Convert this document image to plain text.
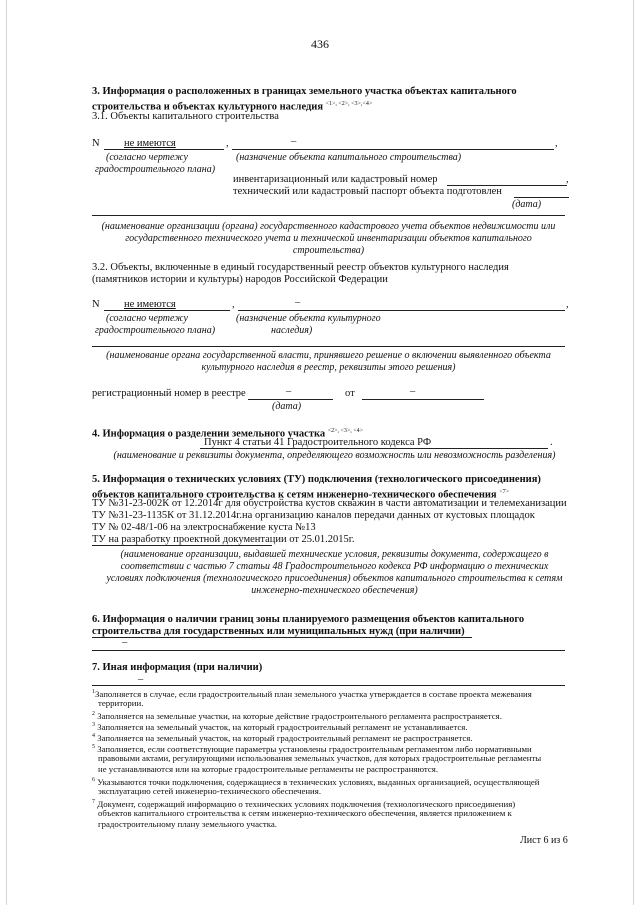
436
3. Информация о расположенных в границах земельного участка объектах капитального
строительства и объектах культурного наследия $^{<1>, <2>, <3>,<4>}$
3.1. Объекты капитального строительства
N не имеются	,	–	,
(согласно чертежу
градостроительного плана)
(назначение объекта капитального строительства)
инвентаризационный или кадастровый номер	,
технический или кадастровый паспорт объекта подготовлен
(дата)
(наименование организации (органа) государственного кадастрового учета объектов недвижимости или
государственного технического учета и технической инвентаризации объектов капитального
строительства)
3.2. Объекты, включенные в единый государственный реестр объектов культурного наследия
(памятников истории и культуры) народов Российской Федерации
N не имеются	,	–	,
(согласно чертежу
градостроительного плана)
(назначение объекта культурного
наследия)
(наименование органа государственной власти, принявшего решение о включении выявленного объекта
культурного наследия в реестр, реквизиты этого решения)
регистрационный номер в реестре	–	от	–
(дата)
4. Информация о разделении земельного участка $^{<2>, <3>, <4>}$
Пункт 4 статьи 41 Градостроительного кодекса РФ	.
(наименование и реквизиты документа, определяющего возможность или невозможность разделения)
5. Информация о технических условиях (ТУ) подключения (технологического присоединения)
объектов капитального строительства к сетям инженерно-технического обеспечения $^{<7>}$
ТУ №31-23-002К от 12.2014г для обустройства кустов скважин в части автоматизации и телемеханизации
ТУ №31-23-1135К от 31.12.2014г.на организацию каналов передачи данных от кустовых площадок
ТУ № 02-48/1-06 на электроснабжение куста №13
ТУ на разработку проектной документации от 25.01.2015г.
(наименование организации, выдавшей технические условия, реквизиты документа, содержащего в
соответствии с частью 7 статьи 48 Градостроительного кодекса РФ информацию о технических
условиях подключения (технологического присоединения) объектов капитального строительства к сетям
инженерно-технического обеспечения)
6. Информация о наличии границ зоны планируемого размещения объектов капитального
строительства для государственных или муниципальных нужд (при наличии)
–
7. Иная информация (при наличии)
–
$^1$Заполняется в случае, если градостроительный план земельного участка утверждается в составе проекта межевания
территории.
$^2$ Заполняется на земельные участки, на которые действие градостроительного регламента распространяется.
$^3$ Заполняется на земельный участок, на который градостроительный регламент не устанавливается.
$^4$ Заполняется на земельный участок, на который градостроительный регламент не распространяется.
$^5$ Заполняется, если соответствующие параметры установлены градостроительным регламентом либо нормативными
правовыми актами, регулирующими использования земельных участков, для которых градостроительные регламенты
не устанавливаются или на которые градостроительные регламенты не распространяются.
$^6$ Указываются точки подключения, содержащиеся в технических условиях, выданных организацией, осуществляющей
эксплуатацию сетей инженерно-технического обеспечения.
$^7$ Документ, содержащий информацию о технических условиях подключения (технологического присоединения)
объектов капитального строительства к сетям инженерно-технического обеспечения, является приложением к
градостроительному плану земельного участка.
Лист 6 из 6
